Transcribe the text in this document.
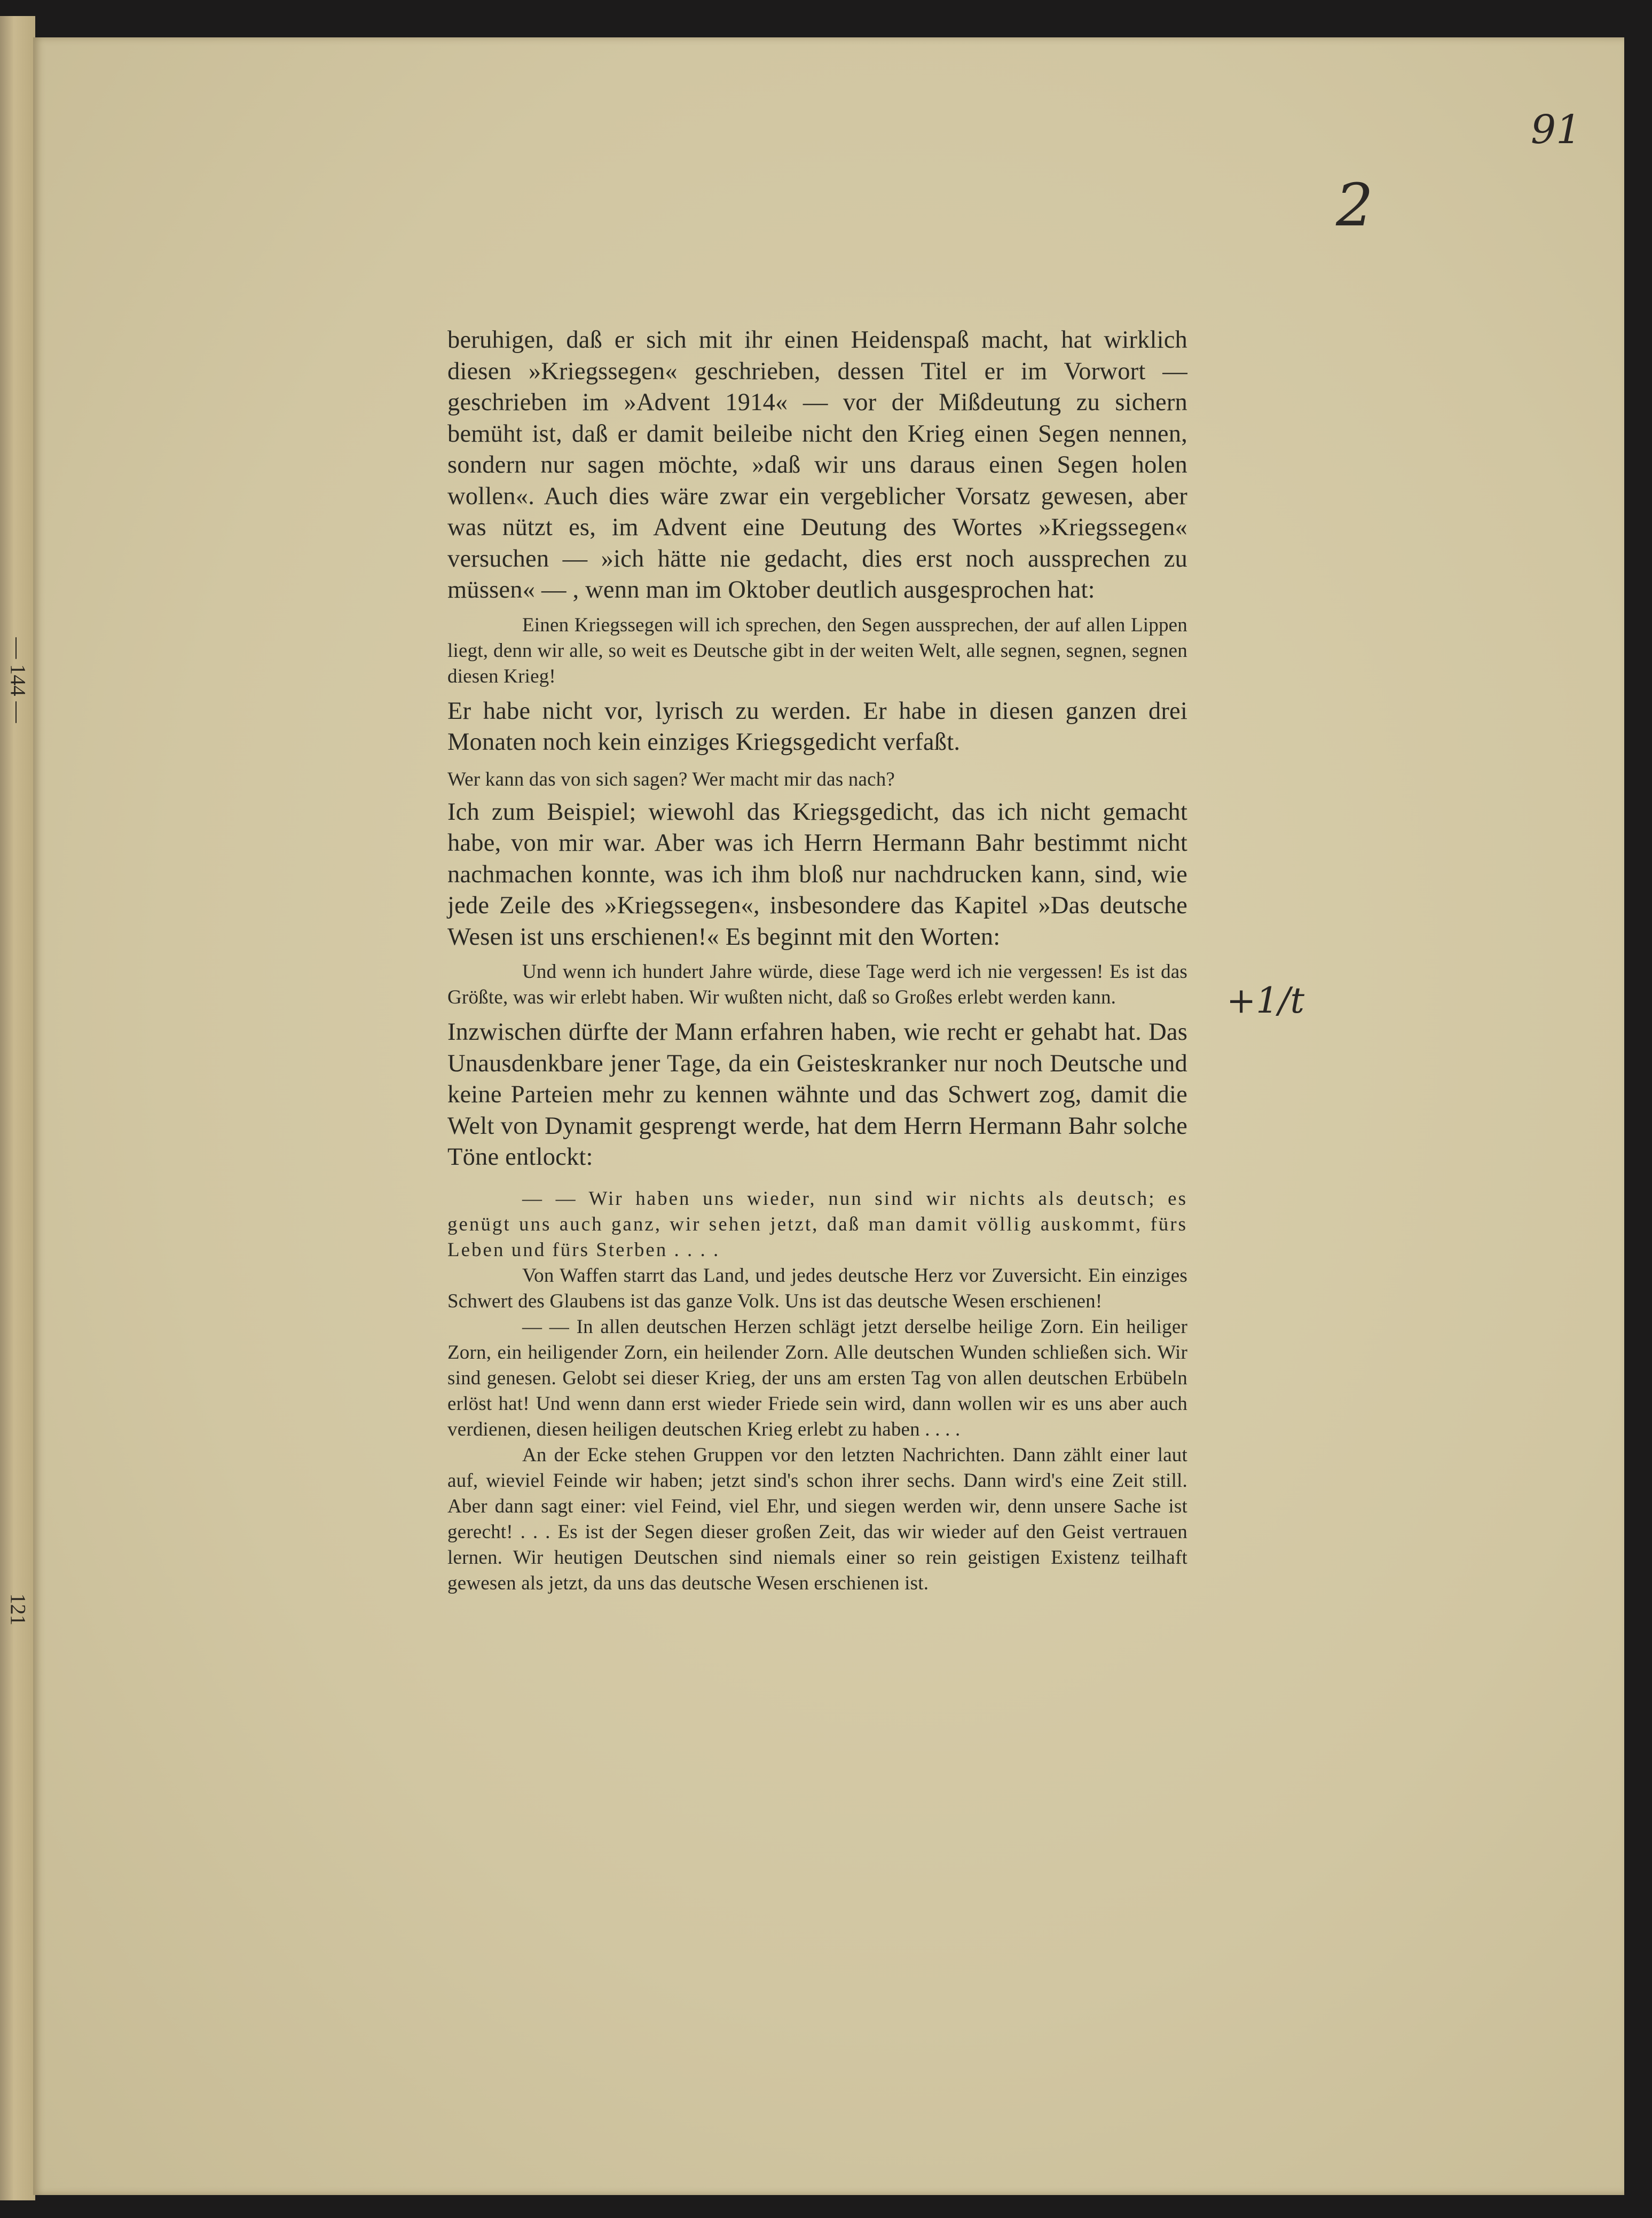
— 144 —
121
91
2
+1/t

beruhigen, daß er sich mit ihr einen Heidenspaß macht, hat wirklich diesen »Kriegssegen« geschrieben, dessen Titel er im Vorwort — geschrieben im »Advent 1914« — vor der Mißdeutung zu sichern bemüht ist, daß er damit beileibe nicht den Krieg einen Segen nennen, sondern nur sagen möchte, »daß wir uns daraus einen Segen holen wollen«. Auch dies wäre zwar ein vergeblicher Vorsatz gewesen, aber was nützt es, im Advent eine Deutung des Wortes »Kriegssegen« versuchen — »ich hätte nie gedacht, dies erst noch aussprechen zu müssen« — , wenn man im Oktober deutlich ausgesprochen hat:

Einen Kriegssegen will ich sprechen, den Segen aussprechen, der auf allen Lippen liegt, denn wir alle, so weit es Deutsche gibt in der weiten Welt, alle segnen, segnen, segnen diesen Krieg!

Er habe nicht vor, lyrisch zu werden. Er habe in diesen ganzen drei Monaten noch kein einziges Kriegsgedicht verfaßt.

Wer kann das von sich sagen? Wer macht mir das nach?

Ich zum Beispiel; wiewohl das Kriegsgedicht, das ich nicht gemacht habe, von mir war. Aber was ich Herrn Hermann Bahr bestimmt nicht nachmachen konnte, was ich ihm bloß nur nachdrucken kann, sind, wie jede Zeile des »Kriegssegen«, insbesondere das Kapitel »Das deutsche Wesen ist uns erschienen!« Es beginnt mit den Worten:

Und wenn ich hundert Jahre würde, diese Tage werd ich nie vergessen! Es ist das Größte, was wir erlebt haben. Wir wußten nicht, daß so Großes erlebt werden kann.

Inzwischen dürfte der Mann erfahren haben, wie recht er gehabt hat. Das Unausdenkbare jener Tage, da ein Geisteskranker nur noch Deutsche und keine Parteien mehr zu kennen wähnte und das Schwert zog, damit die Welt von Dynamit gesprengt werde, hat dem Herrn Hermann Bahr solche Töne entlockt:

— — Wir haben uns wieder, nun sind wir nichts als deutsch; es genügt uns auch ganz, wir sehen jetzt, daß man damit völlig auskommt, fürs Leben und fürs Sterben . . . .

Von Waffen starrt das Land, und jedes deutsche Herz vor Zuversicht. Ein einziges Schwert des Glaubens ist das ganze Volk. Uns ist das deutsche Wesen erschienen!

— — In allen deutschen Herzen schlägt jetzt derselbe heilige Zorn. Ein heiliger Zorn, ein heiligender Zorn, ein heilender Zorn. Alle deutschen Wunden schließen sich. Wir sind genesen. Gelobt sei dieser Krieg, der uns am ersten Tag von allen deutschen Erbübeln erlöst hat! Und wenn dann erst wieder Friede sein wird, dann wollen wir es uns aber auch verdienen, diesen heiligen deutschen Krieg erlebt zu haben . . . .

An der Ecke stehen Gruppen vor den letzten Nachrichten. Dann zählt einer laut auf, wieviel Feinde wir haben; jetzt sind's schon ihrer sechs. Dann wird's eine Zeit still. Aber dann sagt einer: viel Feind, viel Ehr, und siegen werden wir, denn unsere Sache ist gerecht! . . . Es ist der Segen dieser großen Zeit, das wir wieder auf den Geist vertrauen lernen. Wir heutigen Deutschen sind niemals einer so rein geistigen Existenz teilhaft gewesen als jetzt, da uns das deutsche Wesen erschienen ist.
